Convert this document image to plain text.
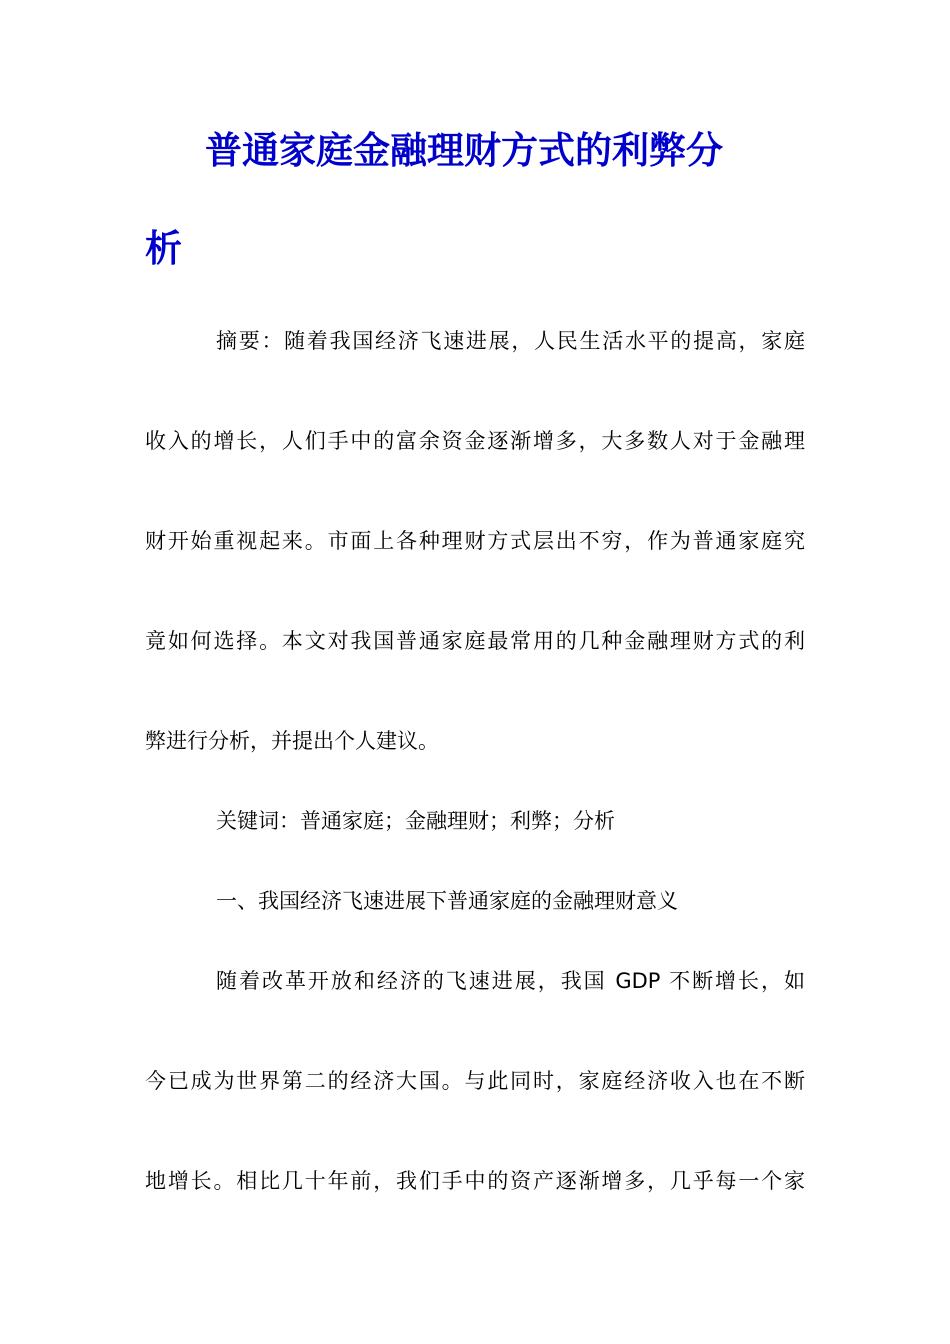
普通家庭金融理财方式的利弊分
析
摘要：随着我国经济飞速进展，人民生活水平的提高，家庭
收入的增长，人们手中的富余资金逐渐增多，大多数人对于金融理
财开始重视起来。市面上各种理财方式层出不穷，作为普通家庭究
竟如何选择。本文对我国普通家庭最常用的几种金融理财方式的利
弊进行分析，并提出个人建议。
关键词：普通家庭；金融理财；利弊；分析
一、我国经济飞速进展下普通家庭的金融理财意义
随着改革开放和经济的飞速进展，我国 GDP 不断增长，如
今已成为世界第二的经济大国。与此同时，家庭经济收入也在不断
地增长。相比几十年前，我们手中的资产逐渐增多，几乎每一个家
